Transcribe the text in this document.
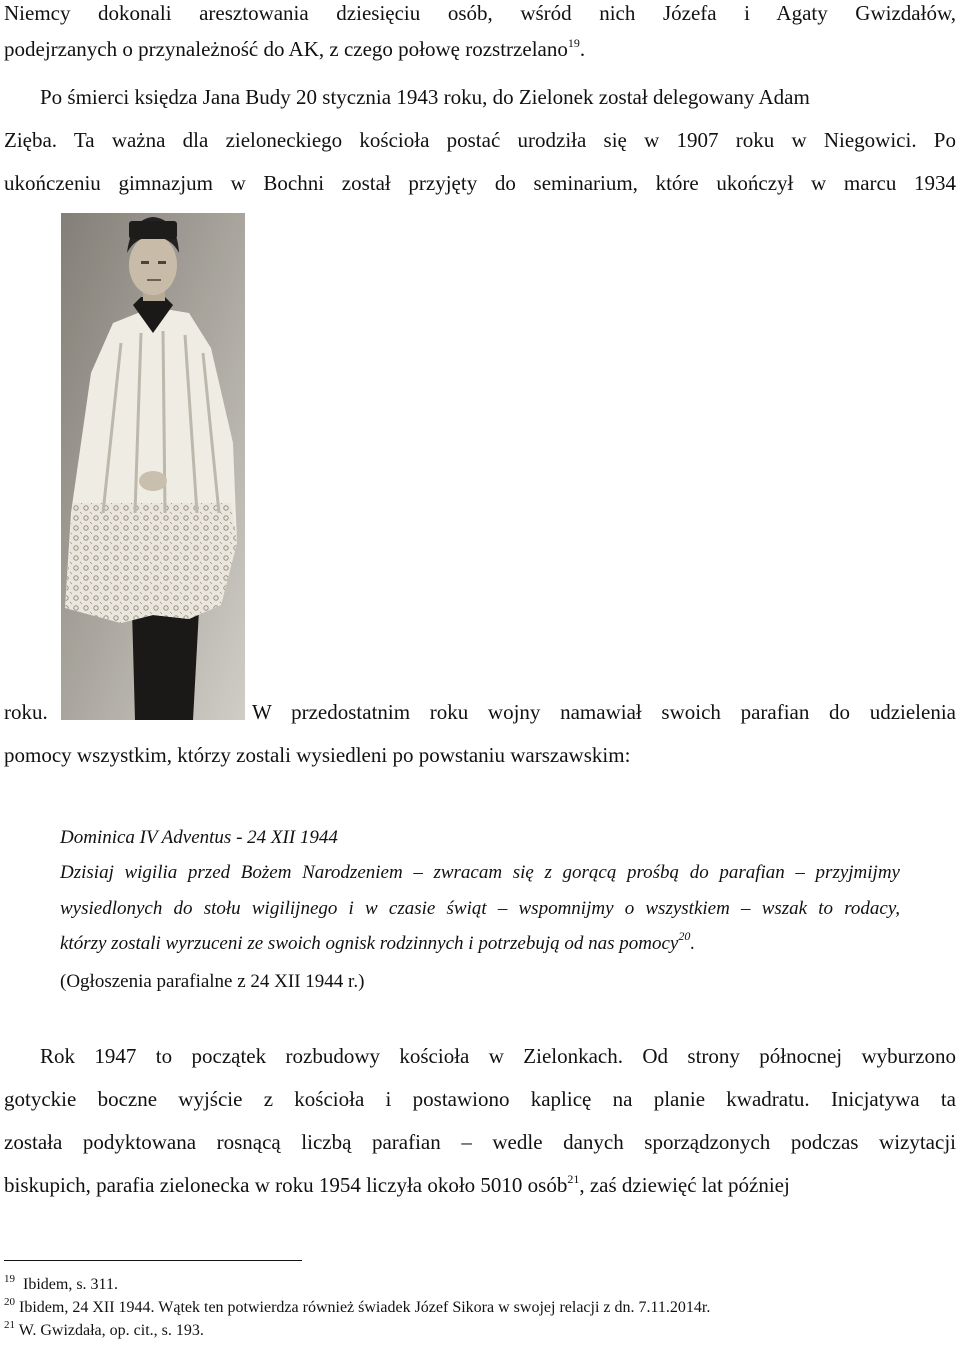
Niemcy dokonali aresztowania dziesięciu osób, wśród nich Józefa i Agaty Gwizdałów,
podejrzanych o przynależność do AK, z czego połowę rozstrzelano$^{19}$.
Po śmierci księdza Jana Budy 20 stycznia 1943 roku, do Zielonek został delegowany Adam
Zięba. Ta ważna dla zieloneckiego kościoła postać urodziła się w 1907 roku w Niegowici. Po
ukończeniu gimnazjum w Bochni został przyjęty do seminarium, które ukończył w marcu 1934
roku.	W przedostatnim roku wojny namawiał swoich parafian do udzielenia
pomocy wszystkim, którzy zostali wysiedleni po powstaniu warszawskim:
Dominica IV Adventus - 24 XII 1944
Dzisiaj wigilia przed Bożem Narodzeniem – zwracam się z gorącą prośbą do parafian – przyjmijmy
wysiedlonych do stołu wigilijnego i w czasie świąt – wspomnijmy o wszystkiem – wszak to rodacy,
którzy zostali wyrzuceni ze swoich ognisk rodzinnych i potrzebują od nas pomocy$^{20}$.
(Ogłoszenia parafialne z 24 XII 1944 r.)
Rok 1947 to początek rozbudowy kościoła w Zielonkach. Od strony północnej wyburzono
gotyckie boczne wyjście z kościoła i postawiono kaplicę na planie kwadratu. Inicjatywa ta
została podyktowana rosnącą liczbą parafian – wedle danych sporządzonych podczas wizytacji
biskupich, parafia zielonecka w roku 1954 liczyła około 5010 osób$^{21}$, zaś dziewięć lat później
$^{19}$ Ibidem, s. 311.
$^{20}$ Ibidem, 24 XII 1944. Wątek ten potwierdza również świadek Józef Sikora w swojej relacji z dn. 7.11.2014r.
$^{21}$ W. Gwizdała, op. cit., s. 193.
